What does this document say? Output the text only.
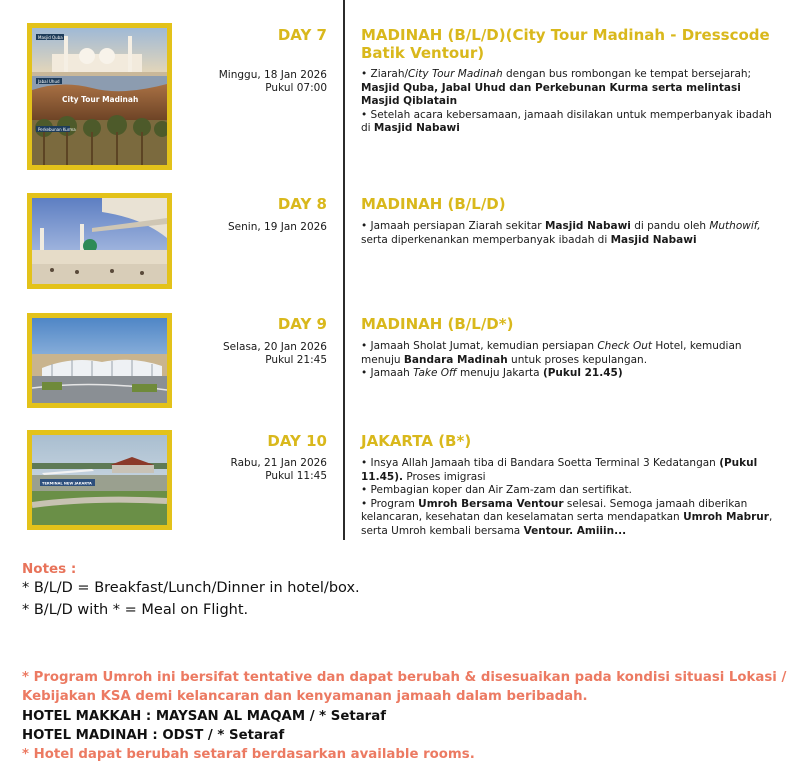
Masjid Quba
Jabal Uhud
City Tour Madinah
Perkebunan Kurma
DAY 7
Minggu, 18 Jan 2026
Pukul 07:00
MADINAH (B/L/D)(City Tour Madinah - Dresscode Batik Ventour)

• Ziarah/City Tour Madinah dengan bus rombongan ke tempat bersejarah; Masjid Quba, Jabal Uhud dan Perkebunan Kurma serta melintasi Masjid Qiblatain

• Setelah acara kebersamaan, jamaah disilakan untuk memperbanyak ibadah di Masjid Nabawi

DAY 8
Senin, 19 Jan 2026
MADINAH (B/L/D)

• Jamaah persiapan Ziarah sekitar Masjid Nabawi di pandu oleh Muthowif, serta diperkenankan memperbanyak ibadah di Masjid Nabawi

DAY 9
Selasa, 20 Jan 2026
Pukul 21:45
MADINAH (B/L/D*)

• Jamaah Sholat Jumat, kemudian persiapan Check Out Hotel, kemudian menuju Bandara Madinah untuk proses kepulangan.

• Jamaah Take Off menuju Jakarta (Pukul 21.45)

TERMINAL NEW JAKARTA
DAY 10
Rabu, 21 Jan 2026
Pukul 11:45
JAKARTA (B*)

• Insya Allah Jamaah tiba di Bandara Soetta Terminal 3 Kedatangan (Pukul 11.45). Proses imigrasi

• Pembagian koper dan Air Zam-zam dan sertifikat.

• Program Umroh Bersama Ventour selesai. Semoga jamaah diberikan kelancaran, kesehatan dan keselamatan serta mendapatkan Umroh Mabrur, serta Umroh kembali bersama Ventour. Amiiin...

Notes :
* B/L/D = Breakfast/Lunch/Dinner in hotel/box.
* B/L/D with * = Meal on Flight.
* Program Umroh ini bersifat tentative dan dapat berubah & disesuaikan pada kondisi situasi Lokasi / Kebijakan KSA demi kelancaran dan kenyamanan jamaah dalam beribadah.
HOTEL MAKKAH : MAYSAN AL MAQAM / * Setaraf
HOTEL MADINAH : ODST / * Setaraf
* Hotel dapat berubah setaraf berdasarkan available rooms.
